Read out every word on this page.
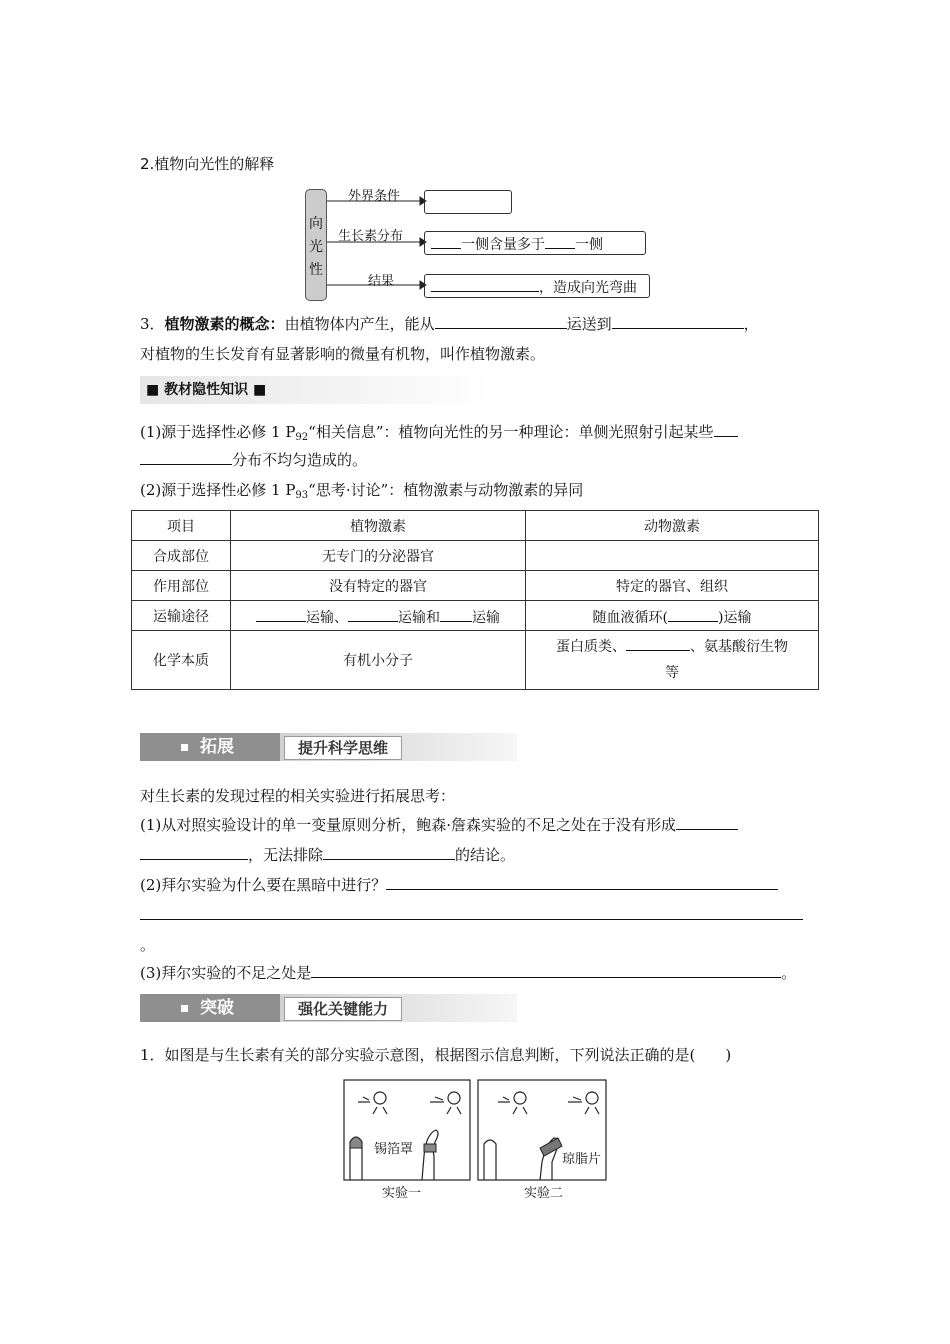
2.植物向光性的解释
向
光
性
外界条件
生长素分布
结果
一侧含量多于 一侧
，造成向光弯曲
3．植物激素的概念：由植物体内产生，能从	运送到	，
对植物的生长发育有显著影响的微量有机物，叫作植物激素。
■ 教材隐性知识 ■
(1)源于选择性必修 1 $P_{92}“$相关信息”：植物向光性的另一种理论：单侧光照射引起某些
分布不均匀造成的。
(2)源于选择性必修 1 $P_{93}“$思考·讨论”：植物激素与动物激素的异同
项目	植物激素	动物激素
合成部位	无专门的分泌器官	
作用部位	没有特定的器官	特定的器官、组织
运输途径	运输、 运输和 运输	随血液循环( )运输
化学本质	有机小分子	蛋白质类、 、氨基酸衍生物
等
拓展	提升科学思维
对生长素的发现过程的相关实验进行拓展思考：
(1)从对照实验设计的单一变量原则分析，鲍森·詹森实验的不足之处在于没有形成
，无法排除	的结论。
(2)拜尔实验为什么要在黑暗中进行？
。
(3)拜尔实验的不足之处是	。
突破	强化关键能力
1．如图是与生长素有关的部分实验示意图，根据图示信息判断，下列说法正确的是(　　)
锡箔罩
琼脂片
实验一	实验二
